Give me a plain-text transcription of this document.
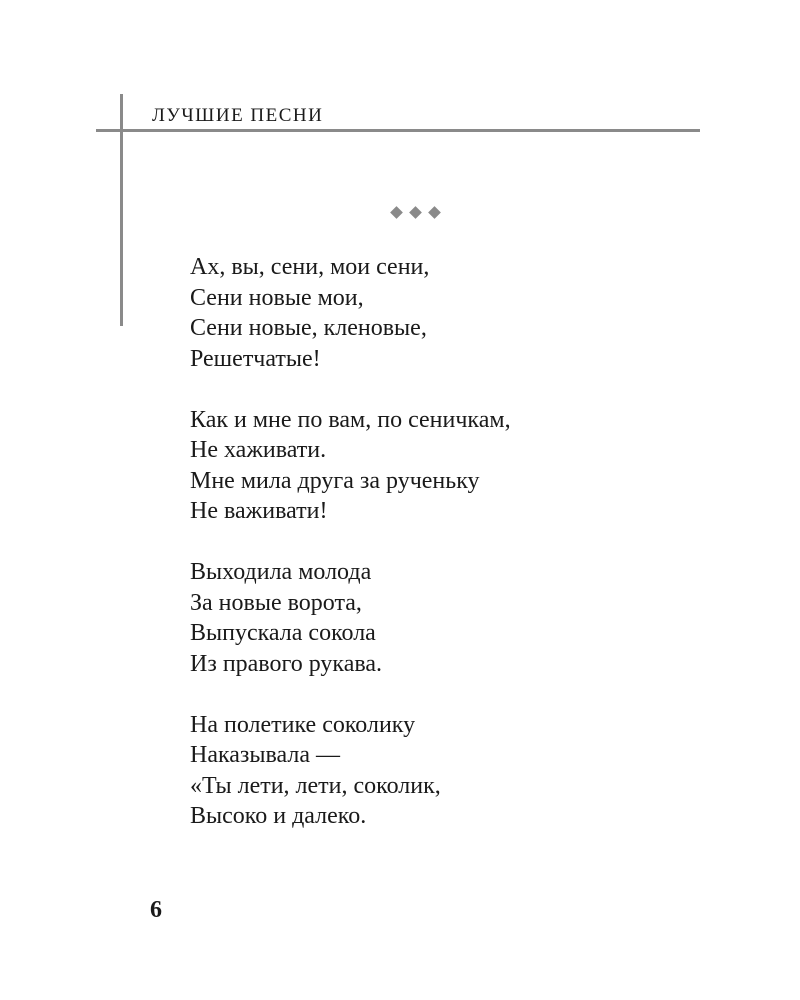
ЛУЧШИЕ ПЕСНИ
Ах, вы, сени, мои сени,
Сени новые мои,
Сени новые, кленовые,
Решетчатые!
Как и мне по вам, по сеничкам,
Не хаживати.
Мне мила друга за рученьку
Не важивати!
Выходила молода
За новые ворота,
Выпускала сокола
Из правого рукава.
На полетике соколику
Наказывала —
«Ты лети, лети, соколик,
Высоко и далеко.
6
